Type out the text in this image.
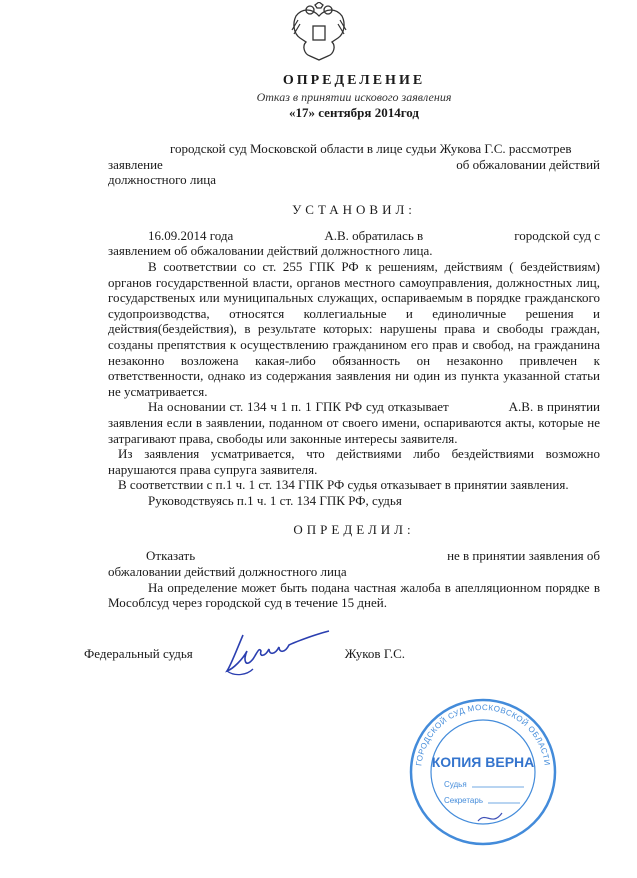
ОПРЕДЕЛЕНИЕ

Отказ в принятии искового заявления

«17» сентября 2014год

городской суд Московской области в лице судьи Жукова Г.С. рассмотрев

заявление	об обжаловании действий

должностного лица

УСТАНОВИЛ:

16.09.2014 года	А.В. обратилась в	городской суд с

заявлением об обжаловании действий должностного лица.

В соответствии со ст. 255 ГПК РФ к решениям, действиям ( бездействиям) органов государственной власти, органов местного самоуправления, должностных лиц, государственых или муниципальных служащих, оспариваемым в порядке гражданского судопроизводства, относятся коллегиальные и единоличные решения и действия(бездействия), в результате которых: нарушены права и свободы граждан, созданы препятствия к осуществлению гражданином его прав и свобод, на гражданина незаконно возложена какая-либо обязанность он незаконно привлечен к ответственности, однако из содержания заявления ни один из пункта указанной статьи не усматривается.

На основании ст. 134 ч 1 п. 1 ГПК РФ суд отказывает	А.В. в принятии заявления если в заявлении, поданном от своего имени, оспариваются акты, которые не затрагивают права, свободы или законные интересы заявителя.

Из заявления усматривается, что действиями либо бездействиями возможно нарушаются права супруга заявителя.

В соответствии с п.1 ч. 1 ст. 134 ГПК РФ судья отказывает в принятии заявления.

Руководствуясь п.1 ч. 1 ст. 134 ГПК РФ, судья

ОПРЕДЕЛИЛ:

Отказать	не в принятии заявления об

обжаловании действий должностного лица

На определение может быть подана частная жалоба в апелляционном порядке в Мособлсуд через городской суд в течение 15 дней.

Федеральный судья	Жуков Г.С.
ГОРОДСКОЙ СУД МОСКОВСКОЙ ОБЛАСТИ
КОПИЯ ВЕРНА
Судья
Секретарь
